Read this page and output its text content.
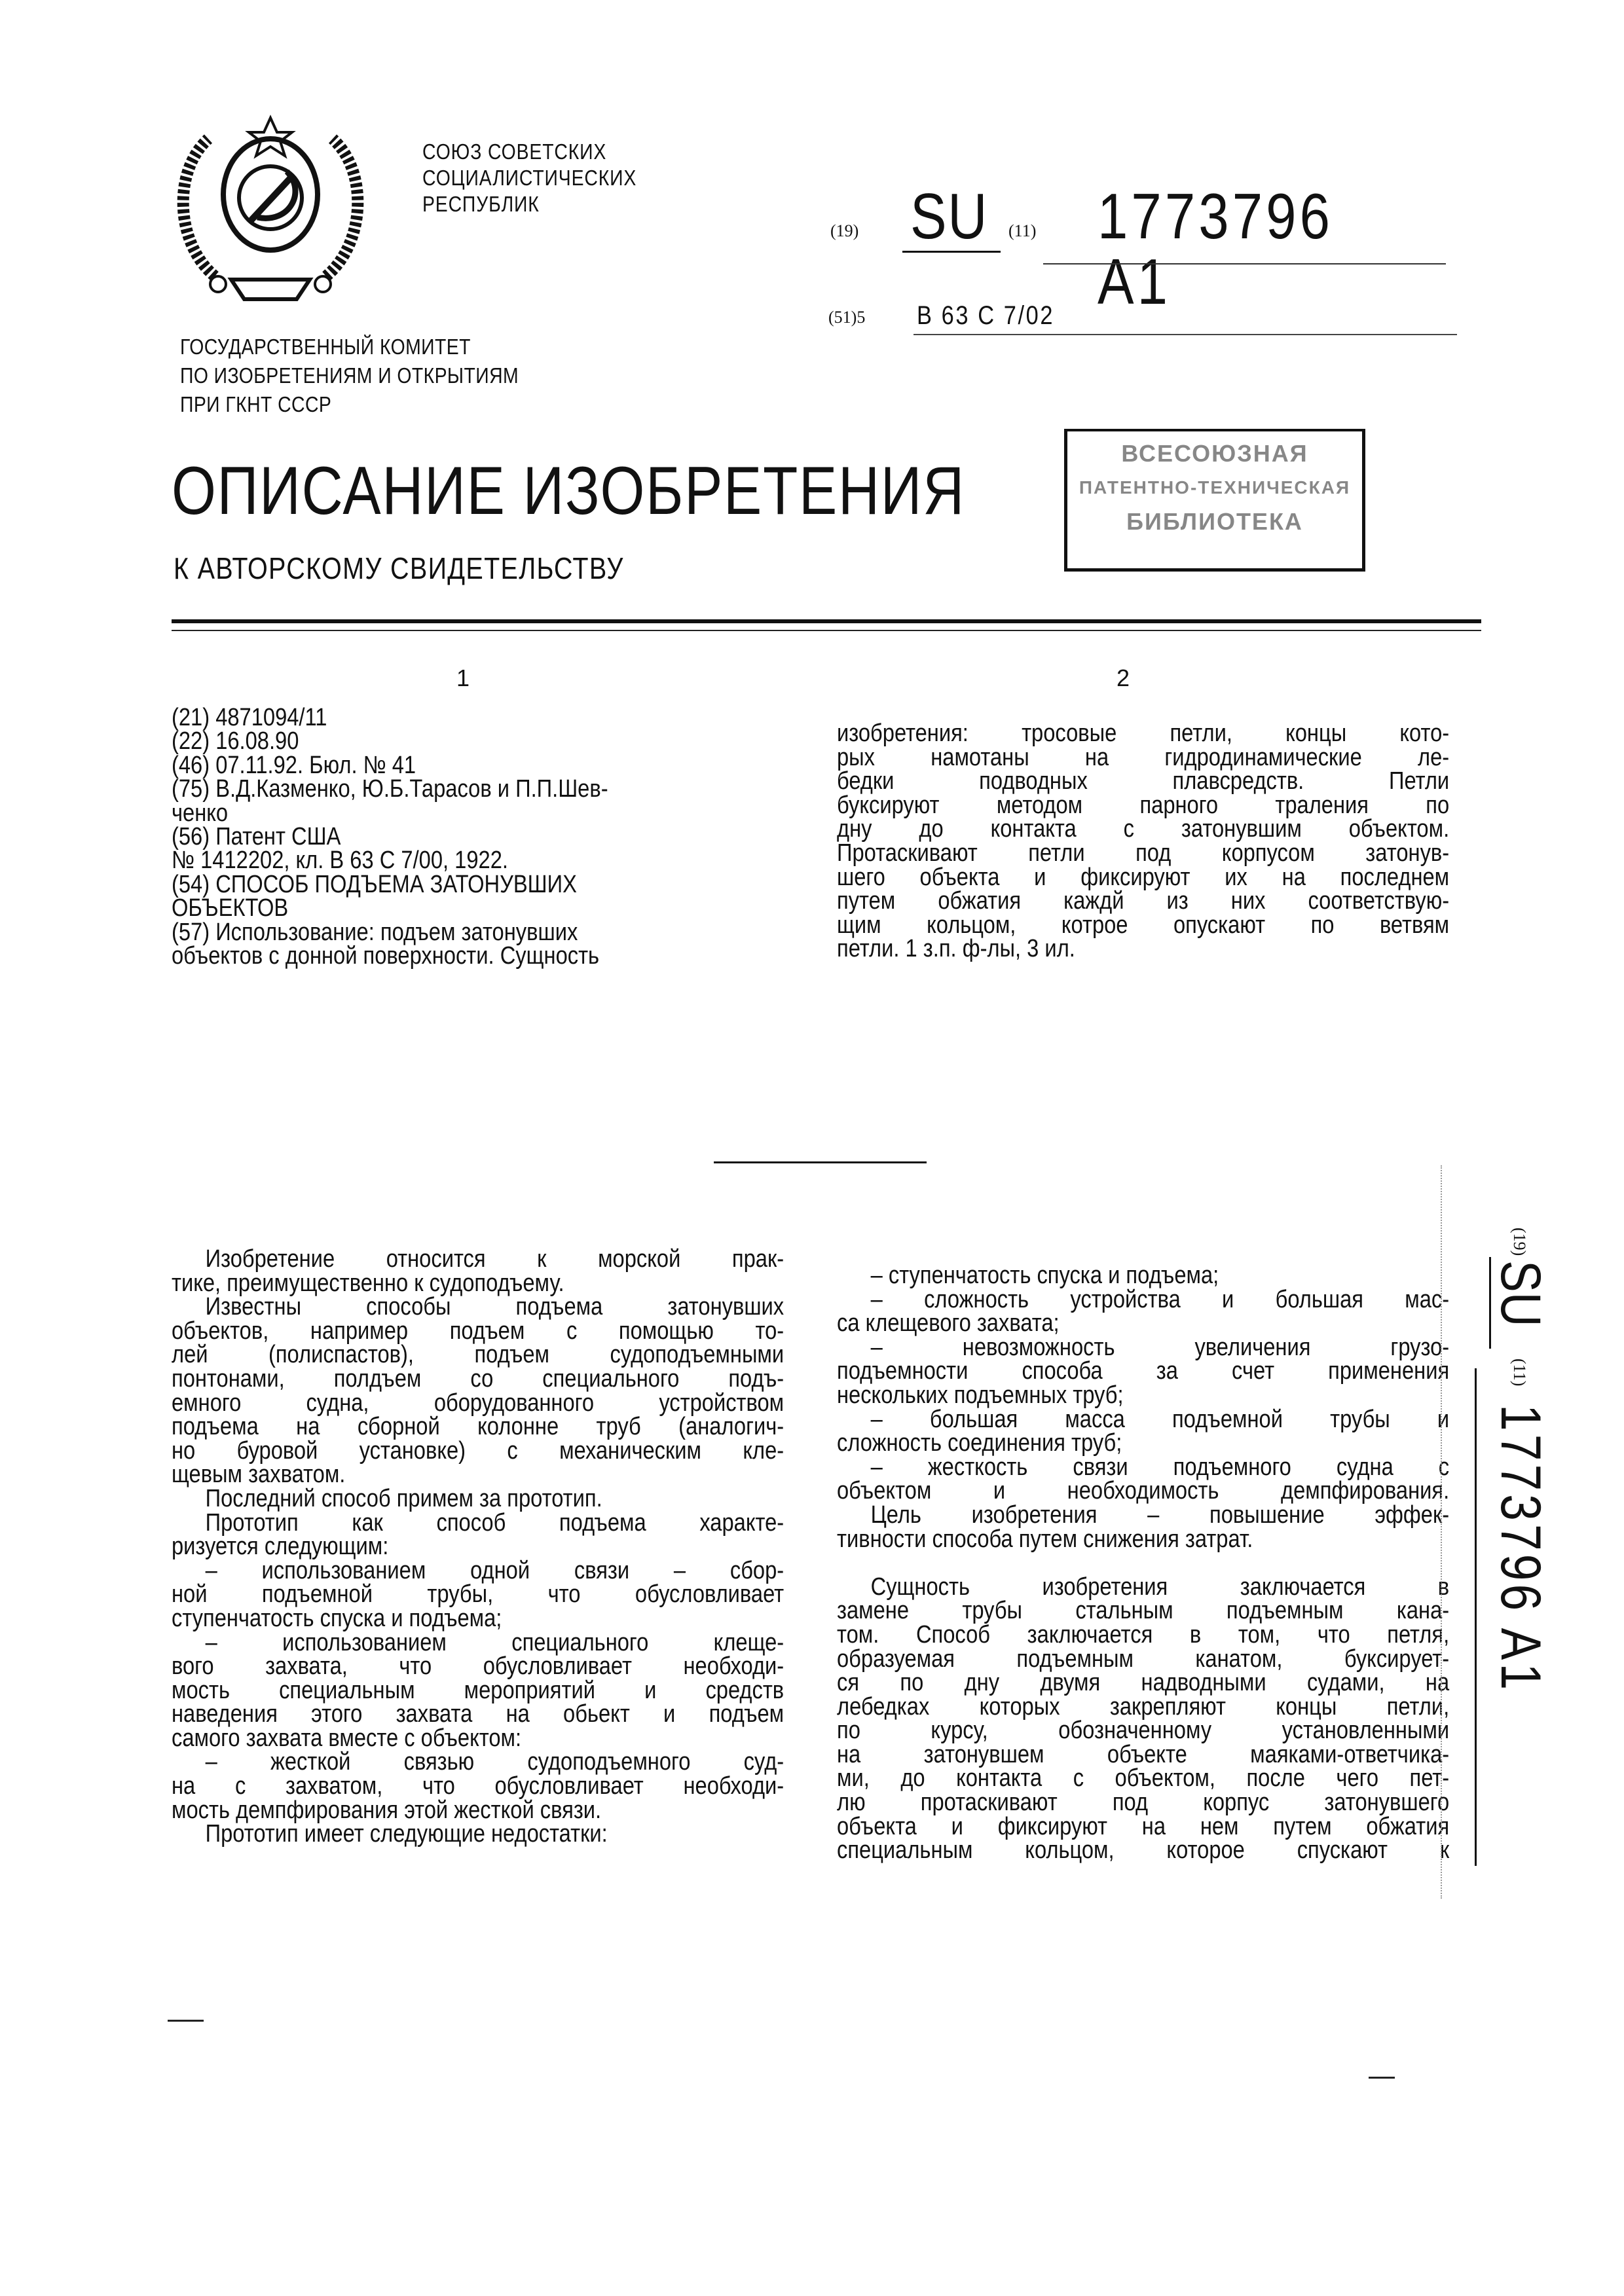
СОЮЗ СОВЕТСКИХ
СОЦИАЛИСТИЧЕСКИХ
РЕСПУБЛИК
(19) SU (11) 1773796 A1
(51)5 B 63 C 7/02
ГОСУДАРСТВЕННЫЙ КОМИТЕТ
ПО ИЗОБРЕТЕНИЯМ И ОТКРЫТИЯМ
ПРИ ГКНТ СССР
ОПИСАНИЕ ИЗОБРЕТЕНИЯ
К АВТОРСКОМУ СВИДЕТЕЛЬСТВУ
ВСЕСОЮЗНАЯ
ПАТЕНТНО-ТЕХНИЧЕСКАЯ
БИБЛИОТЕКА
1	2
(21) 4871094/11
(22) 16.08.90
(46) 07.11.92. Бюл. № 41
(75) В.Д.Казменко, Ю.Б.Тарасов и П.П.Шев-
ченко
(56) Патент США
№ 1412202, кл. В 63 С 7/00, 1922.
(54) СПОСОБ ПОДЪЕМА ЗАТОНУВШИХ
ОБЪЕКТОВ
(57) Использование: подъем затонувших
объектов с донной поверхности. Сущность
изобретения: тросовые петли, концы кото-
рых намотаны на гидродинамические ле-
бедки подводных плавсредств. Петли
буксируют методом парного траления по
дну до контакта с затонувшим объектом.
Протаскивают петли под корпусом затонув-
шего объекта и фиксируют их на последнем
путем обжатия каждй из них соответствую-
щим кольцом, котрое опускают по ветвям
петли. 1 з.п. ф-лы, 3 ил.
Изобретение относится к морской прак-
тике, преимущественно к судоподъему.
Известны способы подъема затонувших
объектов, например подъем с помощью то-
лей (полиспастов), подъем судоподъемными
понтонами, полдъем со специального подъ-
емного судна, оборудованного устройством
подъема на сборной колонне труб (аналогич-
но буровой установке) с механическим кле-
щевым захватом.
Последний способ примем за прототип.
Прототип как способ подъема характе-
ризуется следующим:
– использованием одной связи – сбор-
ной подъемной трубы, что обусловливает
ступенчатость спуска и подъема;
– использованием специального клеще-
вого захвата, что обусловливает необходи-
мость специальным мероприятий и средств
наведения этого захвата на обьект и подъем
самого захвата вместе с объектом:
– жесткой связью судоподъемного суд-
на с захватом, что обусловливает необходи-
мость демпфирования этой жесткой связи.
Прототип имеет следующие недостатки:
– ступенчатость спуска и подъема;
– сложность устройства и большая мас-
са клещевого захвата;
– невозможность увеличения грузо-
подъемности способа за счет применения
нескольких подъемных труб;
– большая масса подъемной трубы и
сложность соединения труб;
– жесткость связи подъемного судна с
объектом и необходимость демпфирования.
Цель изобретения – повышение эффек-
тивности способа путем снижения затрат.

Сущность изобретения заключается в
замене трубы стальным подъемным кана-
том. Способ заключается в том, что петля,
образуемая подъемным канатом, буксирует-
ся по дну двумя надводными судами, на
лебедках которых закрепляют концы петли,
по курсу, обозначенному установленными
на затонувшем объекте маяками-ответчика-
ми, до контакта с объектом, после чего пет-
лю протаскивают под корпус затонувшего
объекта и фиксируют на нем путем обжатия
специальным кольцом, которое спускают к
(19)
SU
(11)
1773796 A1
